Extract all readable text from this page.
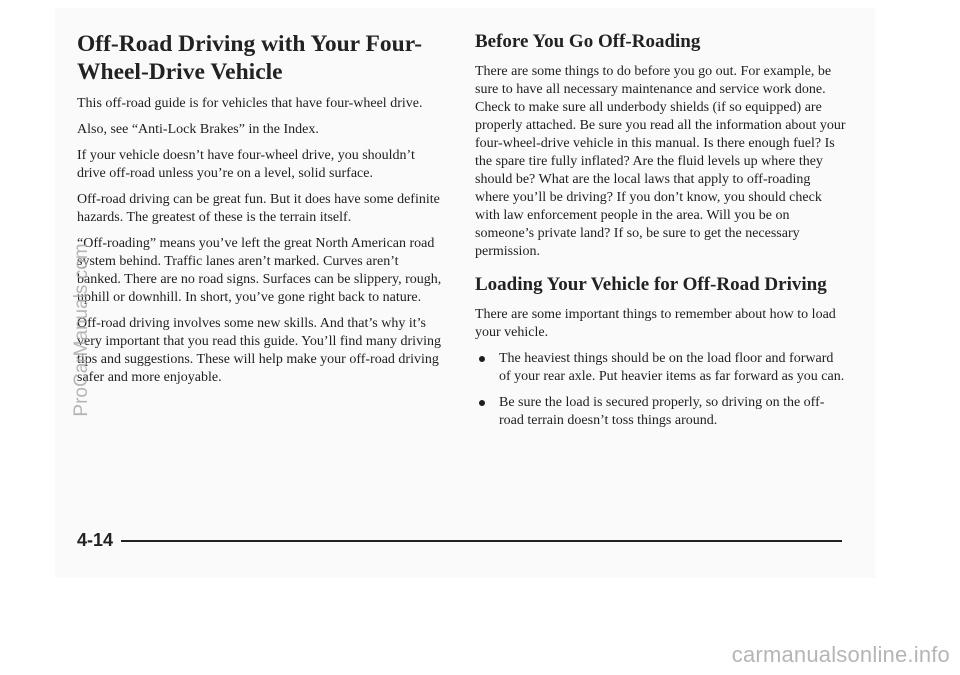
Off-Road Driving with Your Four-Wheel-Drive Vehicle

This off-road guide is for vehicles that have four-wheel drive.

Also, see “Anti-Lock Brakes” in the Index.

If your vehicle doesn’t have four-wheel drive, you shouldn’t drive off-road unless you’re on a level, solid surface.

Off-road driving can be great fun. But it does have some definite hazards. The greatest of these is the terrain itself.

“Off-roading” means you’ve left the great North American road system behind. Traffic lanes aren’t marked. Curves aren’t banked. There are no road signs. Surfaces can be slippery, rough, uphill or downhill. In short, you’ve gone right back to nature.

Off-road driving involves some new skills. And that’s why it’s very important that you read this guide. You’ll find many driving tips and suggestions. These will help make your off-road driving safer and more enjoyable.

Before You Go Off-Roading

There are some things to do before you go out. For example, be sure to have all necessary maintenance and service work done. Check to make sure all underbody shields (if so equipped) are properly attached. Be sure you read all the information about your four-wheel-drive vehicle in this manual. Is there enough fuel? Is the spare tire fully inflated? Are the fluid levels up where they should be? What are the local laws that apply to off-roading where you’ll be driving? If you don’t know, you should check with law enforcement people in the area. Will you be on someone’s private land? If so, be sure to get the necessary permission.

Loading Your Vehicle for Off-Road Driving

There are some important things to remember about how to load your vehicle.

The heaviest things should be on the load floor and forward of your rear axle. Put heavier items as far forward as you can.
Be sure the load is secured properly, so driving on the off-road terrain doesn’t toss things around.
4-14
ProCarManuals.com
carmanualsonline.info
